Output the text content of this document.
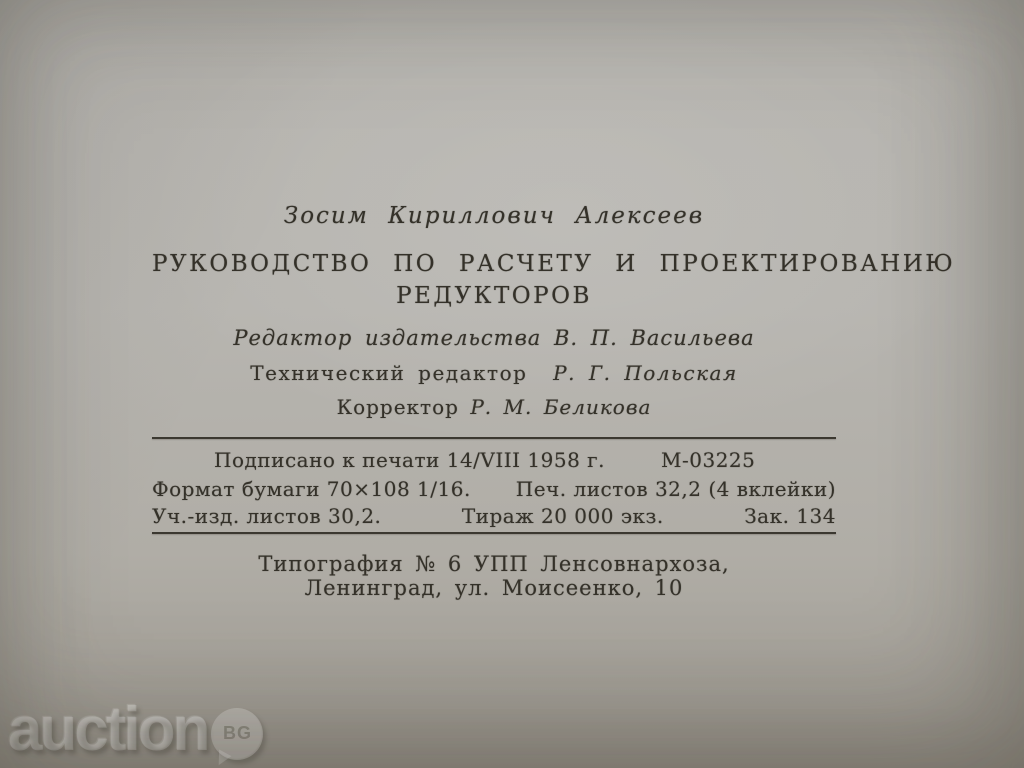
Зосим Кириллович Алексеев
РУКОВОДСТВО ПО РАСЧЕТУ И ПРОЕКТИРОВАНИЮ
РЕДУКТОРОВ
Редактор издательства В. П. Васильева
Технический редактор Р. Г. Польская
Корректор Р. М. Беликова
Подписано к печати 14/VIII 1958 г.	М-03225
Формат бумаги 70×108 1/16. Печ. листов 32,2 (4 вклейки)
Уч.-изд. листов 30,2.	Тираж 20 000 экз.	Зак. 134
Типография № 6 УПП Ленсовнархоза,
Ленинград, ул. Моисеенко, 10
auction BG
